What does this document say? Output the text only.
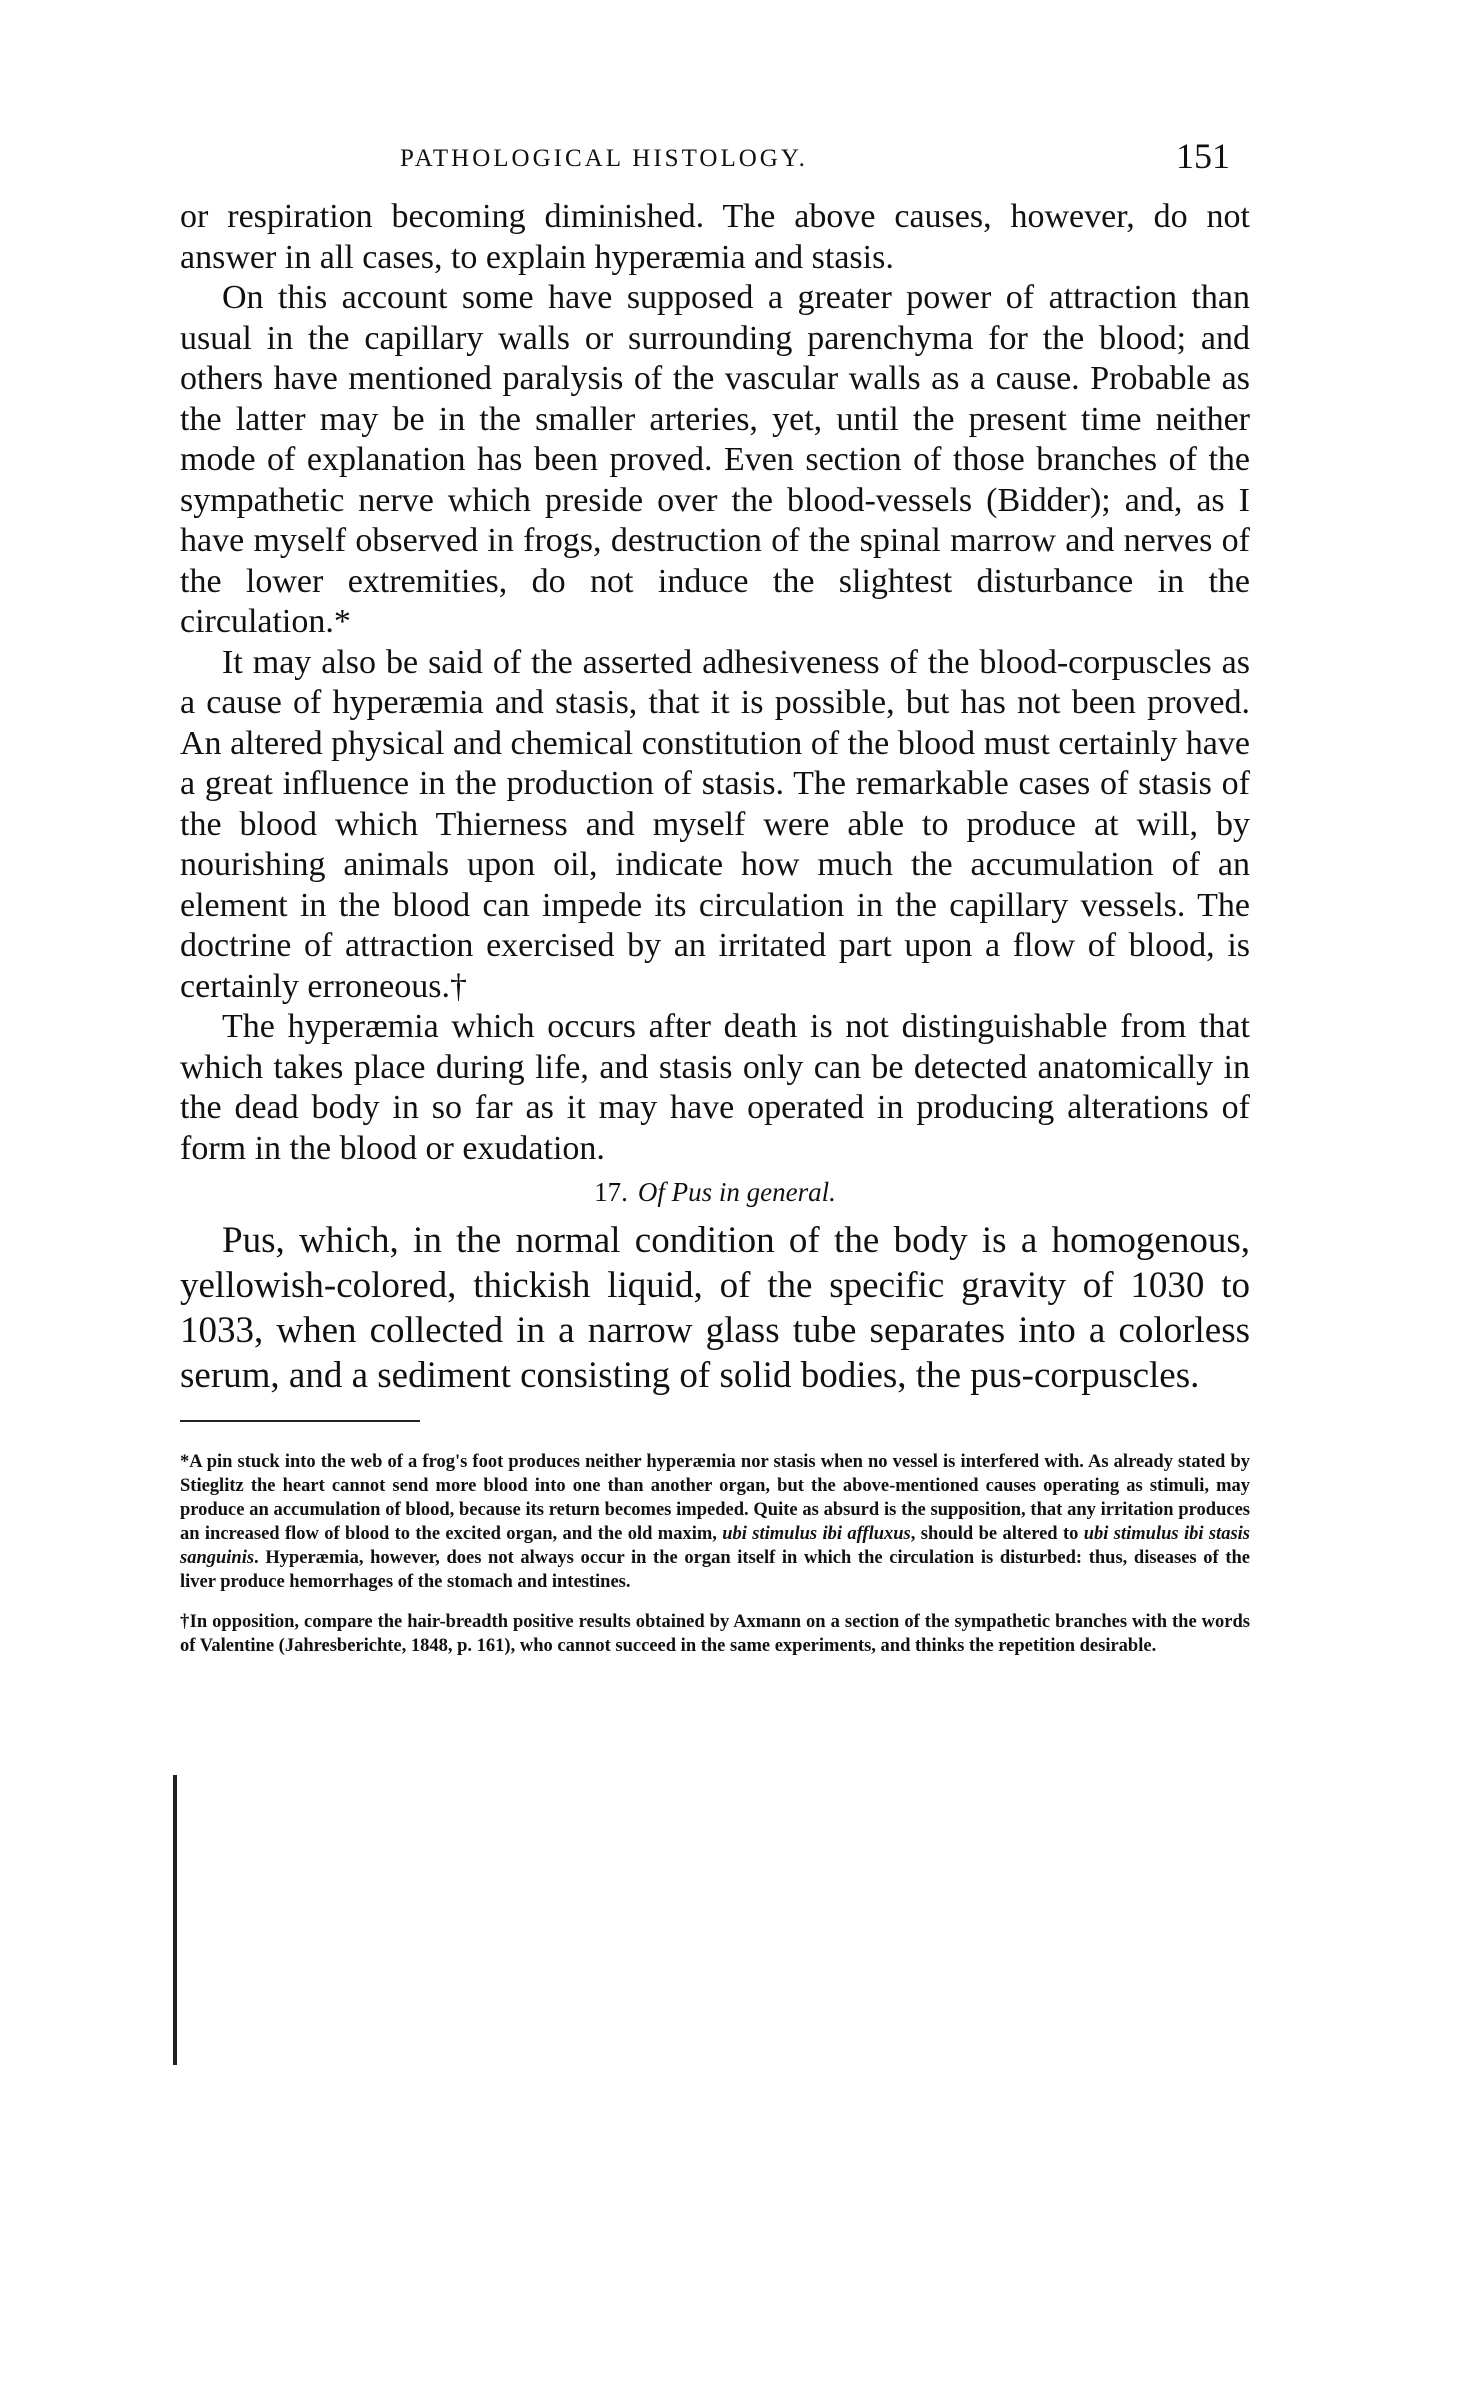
PATHOLOGICAL HISTOLOGY.	151

or respiration becoming diminished. The above causes, however, do not answer in all cases, to explain hyperæmia and stasis.

On this account some have supposed a greater power of attraction than usual in the capillary walls or surrounding parenchyma for the blood; and others have mentioned paralysis of the vascular walls as a cause. Probable as the latter may be in the smaller arteries, yet, until the present time neither mode of explanation has been proved. Even section of those branches of the sympathetic nerve which preside over the blood-vessels (Bidder); and, as I have myself observed in frogs, destruction of the spinal marrow and nerves of the lower extremities, do not induce the slightest disturbance in the circulation.*

It may also be said of the asserted adhesiveness of the blood-corpuscles as a cause of hyperæmia and stasis, that it is possible, but has not been proved. An altered physical and chemical constitution of the blood must certainly have a great influence in the production of stasis. The remarkable cases of stasis of the blood which Thierness and myself were able to produce at will, by nourishing animals upon oil, indicate how much the accumulation of an element in the blood can impede its circulation in the capillary vessels. The doctrine of attraction exercised by an irritated part upon a flow of blood, is certainly erroneous.†

The hyperæmia which occurs after death is not distinguishable from that which takes place during life, and stasis only can be detected anatomically in the dead body in so far as it may have operated in producing alterations of form in the blood or exudation.

17. Of Pus in general.

Pus, which, in the normal condition of the body is a homogenous, yellowish-colored, thickish liquid, of the specific gravity of 1030 to 1033, when collected in a narrow glass tube separates into a colorless serum, and a sediment consisting of solid bodies, the pus-corpuscles.

*A pin stuck into the web of a frog's foot produces neither hyperæmia nor stasis when no vessel is interfered with. As already stated by Stieglitz the heart cannot send more blood into one than another organ, but the above-mentioned causes operating as stimuli, may produce an accumulation of blood, because its return becomes impeded. Quite as absurd is the supposition, that any irritation produces an increased flow of blood to the excited organ, and the old maxim, ubi stimulus ibi affluxus, should be altered to ubi stimulus ibi stasis sanguinis. Hyperæmia, however, does not always occur in the organ itself in which the circulation is disturbed: thus, diseases of the liver produce hemorrhages of the stomach and intestines.

†In opposition, compare the hair-breadth positive results obtained by Axmann on a section of the sympathetic branches with the words of Valentine (Jahresberichte, 1848, p. 161), who cannot succeed in the same experiments, and thinks the repetition desirable.
